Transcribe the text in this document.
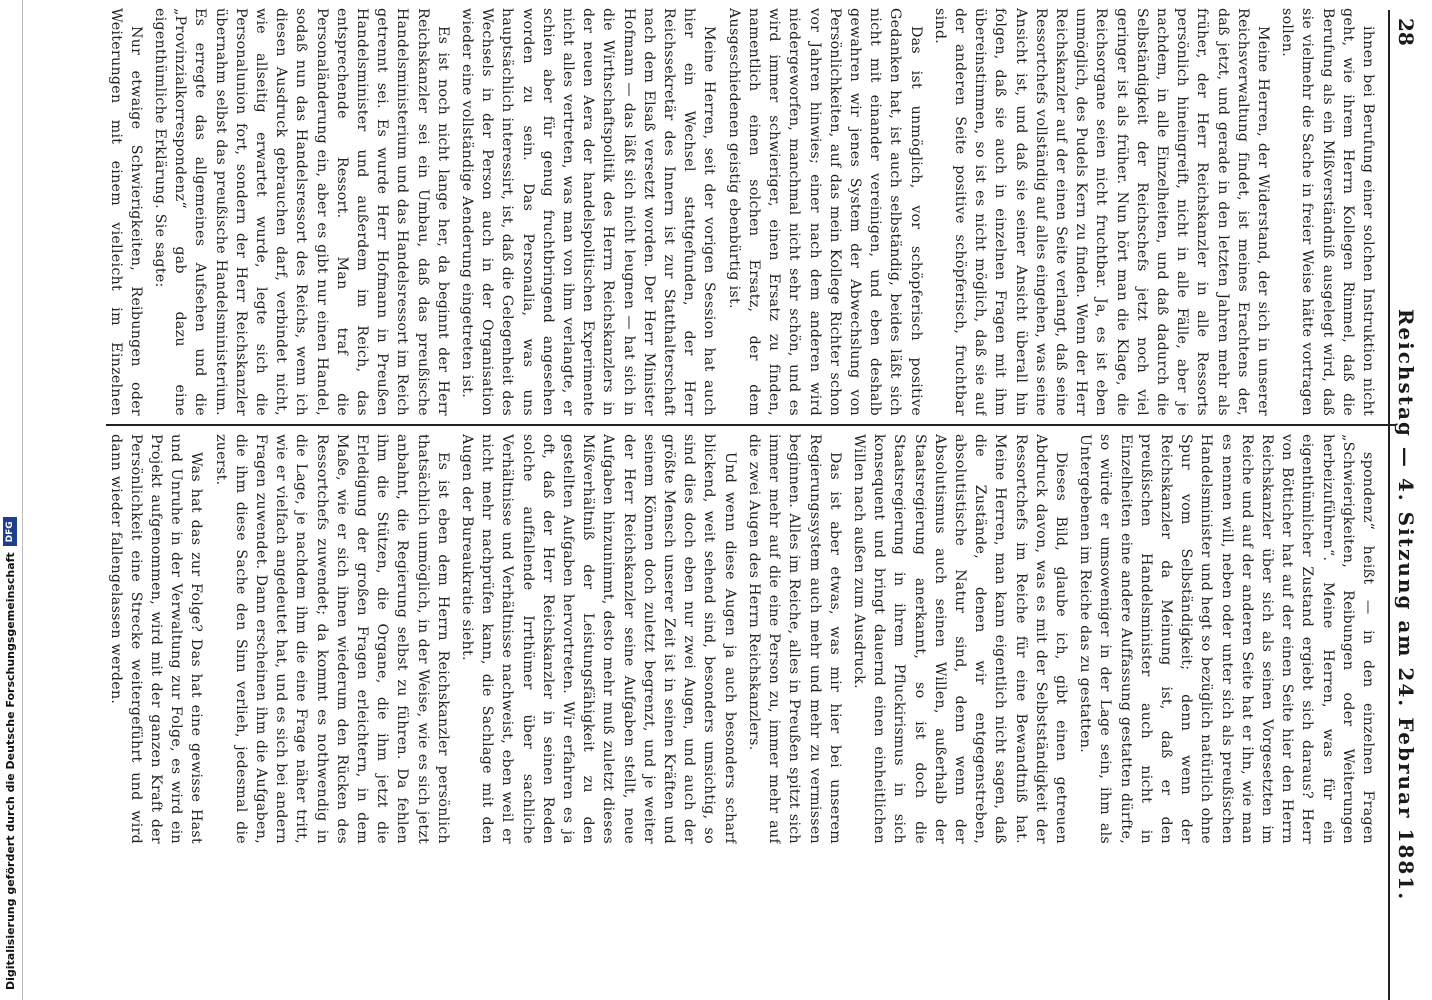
Digitalisierung gefördert durch die Deutsche Forschungsgemeinschaft
DFG
28
Reichstag — 4. Sitzung am 24. Februar 1881.

ihnen bei Berufung einer solchen Instruktion nicht geht, wie ihrem Herrn Kollegen Rimmel, daß die Berufung als ein Mißverständniß ausgelegt wird, daß sie vielmehr die Sache in freier Weise hätte vortragen sollen.

Meine Herren, der Widerstand, der sich in unserer Reichsverwaltung findet, ist meines Erachtens der, daß jetzt, und gerade in den letzten Jahren mehr als früher, der Herr Reichskanzler in alle Ressorts persönlich hineingreift, nicht in alle Fälle, aber je nachdem, in alle Einzelheiten, und daß dadurch die Selbständigkeit der Reichschefs jetzt noch viel geringer ist als früher. Nun hört man die Klage, die Reichsorgane seien nicht fruchtbar. Ja, es ist eben unmöglich, des Pudels Kern zu finden. Wenn der Herr Reichskanzler auf der einen Seite verlangt, daß seine Ressortchefs vollständig auf alles eingehen, was seine Ansicht ist, und daß sie seiner Ansicht überall hin folgen, daß sie auch in einzelnen Fragen mit ihm übereinstimmen, so ist es nicht möglich, daß sie auf der anderen Seite positive schöpferisch, fruchtbar sind.

Das ist unmöglich, vor schöpferisch positive Gedanken hat, ist auch selbständig, beides läßt sich nicht mit einander vereinigen, und eben deshalb gewahren wir jenes System der Abwechslung von Persönlichkeiten, auf das mein Kollege Richter schon vor Jahren hinwies; einer nach dem anderen wird niedergeworfen, manchmal nicht sehr schön, und es wird immer schwieriger, einen Ersatz zu finden, namentlich einen solchen Ersatz, der dem Ausgeschiedenen geistig ebenbürtig ist.

Meine Herren, seit der vorigen Session hat auch hier ein Wechsel stattgefunden, der Herr Reichssekretär des Innern ist zur Statthalterschaft nach dem Elsaß versetzt worden. Der Herr Minister Hofmann — das läßt sich nicht leugnen — hat sich in die Wirthschaftspolitik des Herrn Reichskanzlers in der neuen Aera der handelspolitischen Experimente nicht alles vertreten, was man von ihm verlangte, er schien aber für genug fruchtbringend angesehen worden zu sein. Das Personalia, was uns hauptsächlich interessirt, ist, daß die Gelegenheit des Wechsels in der Person auch in der Organisation wieder eine vollständige Aenderung eingetreten ist.

Es ist noch nicht lange her, da beginnt der Herr Reichskanzler sei ein Umbau, daß das preußische Handelsministerium und das Handelsressort im Reich getrennt sei. Es wurde Herr Hofmann in Preußen Handelsminister und außerdem im Reich, das entsprechende Ressort. Man traf die Personaländerung ein, aber es gibt nur einen Handel, sodaß nun das Handelsressort des Reichs, wenn ich diesen Ausdruck gebrauchen darf, verbindet nicht, wie allseitig erwartet wurde, legte sich die Personalunion fort, sondern der Herr Reichskanzler übernahm selbst das preußische Handelsministerium. Es erregte das allgemeines Aufsehen und die „Provinzialkorrespondenz“ gab dazu eine eigenthümliche Erklärung. Sie sagte:

Nur etwaige Schwierigkeiten, Reibungen oder Weiterungen mit einem vielleicht im Einzelnen

spondenz“ heißt — in den einzelnen Fragen „Schwierigkeiten, Reibungen oder Weiterungen herbeizuführen“. Meine Herren, was für ein eigenthümlicher Zustand ergiebt sich daraus? Herr von Bötticher hat auf der einen Seite hier den Herrn Reichskanzler über sich als seinen Vorgesetzten im Reiche und auf der anderen Seite hat er ihn, wie man es nennen will, neben oder unter sich als preußischen Handelsminister und hegt so bezüglich natürlich ohne Spur vom Selbständigkeit; denn wenn der Reichskanzler da Meinung ist, daß er den preußischen Handelsminister auch nicht in Einzelheiten eine andere Auffassung gestatten dürfte, so würde er umsoweniger in der Lage sein, ihm als Untergebenen im Reiche das zu gestatten.

Dieses Bild, glaube ich, gibt einen getreuen Abdruck davon, was es mit der Selbstständigkeit der Ressortchefs im Reiche für eine Bewandtniß hat. Meine Herren, man kann eigentlich nicht sagen, daß die Zustände, denen wir entgegenstreben, absolutistische Natur sind, denn wenn der Absolutismus auch seinen Willen, außerhalb der Staatsregierung anerkannt, so ist doch die Staatsregierung in ihrem Pfluckirismus in sich konsequent und bringt dauernd einen einheitlichen Willen nach außen zum Ausdruck.

Das ist aber etwas, was mir hier bei unserem Regierungssystem auch mehr und mehr zu vermissen beginnen. Alles im Reiche, alles in Preußen spitzt sich immer mehr auf die eine Person zu, immer mehr auf die zwei Augen des Herrn Reichskanzlers.

Und wenn diese Augen ja auch besonders scharf blickend, weit sehend sind, besonders umsichtig, so sind dies doch eben nur zwei Augen, und auch der größte Mensch unserer Zeit ist in seinen Kräften und seinem Können doch zuletzt begrenzt, und je weiter der Herr Reichskanzler seine Aufgaben stellt, neue Aufgaben hinzunimmt, desto mehr muß zuletzt dieses Mißverhältniß der Leistungsfähigkeit zu den gestellten Aufgaben hervortreten. Wir erfahren es ja oft, daß der Herr Reichskanzler in seinen Reden solche auffallende Irrthümer über sachliche Verhältnisse und Verhältnisse nachweist, eben weil er nicht mehr nachprüfen kann, die Sachlage mit den Augen der Bureaukratie sieht.

Es ist eben dem Herrn Reichskanzler persönlich thatsächlich unmöglich, in der Weise, wie es sich jetzt anbahnt, die Regierung selbst zu führen. Da fehlen ihm die Stützen, die Organe, die ihm jetzt die Erledigung der großen Fragen erleichtern, in dem Maße, wie er sich ihnen wiederum den Rücken des Ressortchefs zuwendet; da kommt es nothwendig in die Lage, je nachdem ihm die eine Frage näher tritt, wie er vielfach angedeutet hat, und es sich bei andern Fragen zuwendet. Dann erscheinen ihm die Aufgaben, die ihm diese Sache den Sinn verlieh, jedesmal die zuerst.

Was hat das zur Folge? Das hat eine gewisse Hast und Unruhe in der Verwaltung zur Folge, es wird ein Projekt aufgenommen, wird mit der ganzen Kraft der Persönlichkeit eine Strecke weitergeführt und wird dann wieder fallengelassen werden.
